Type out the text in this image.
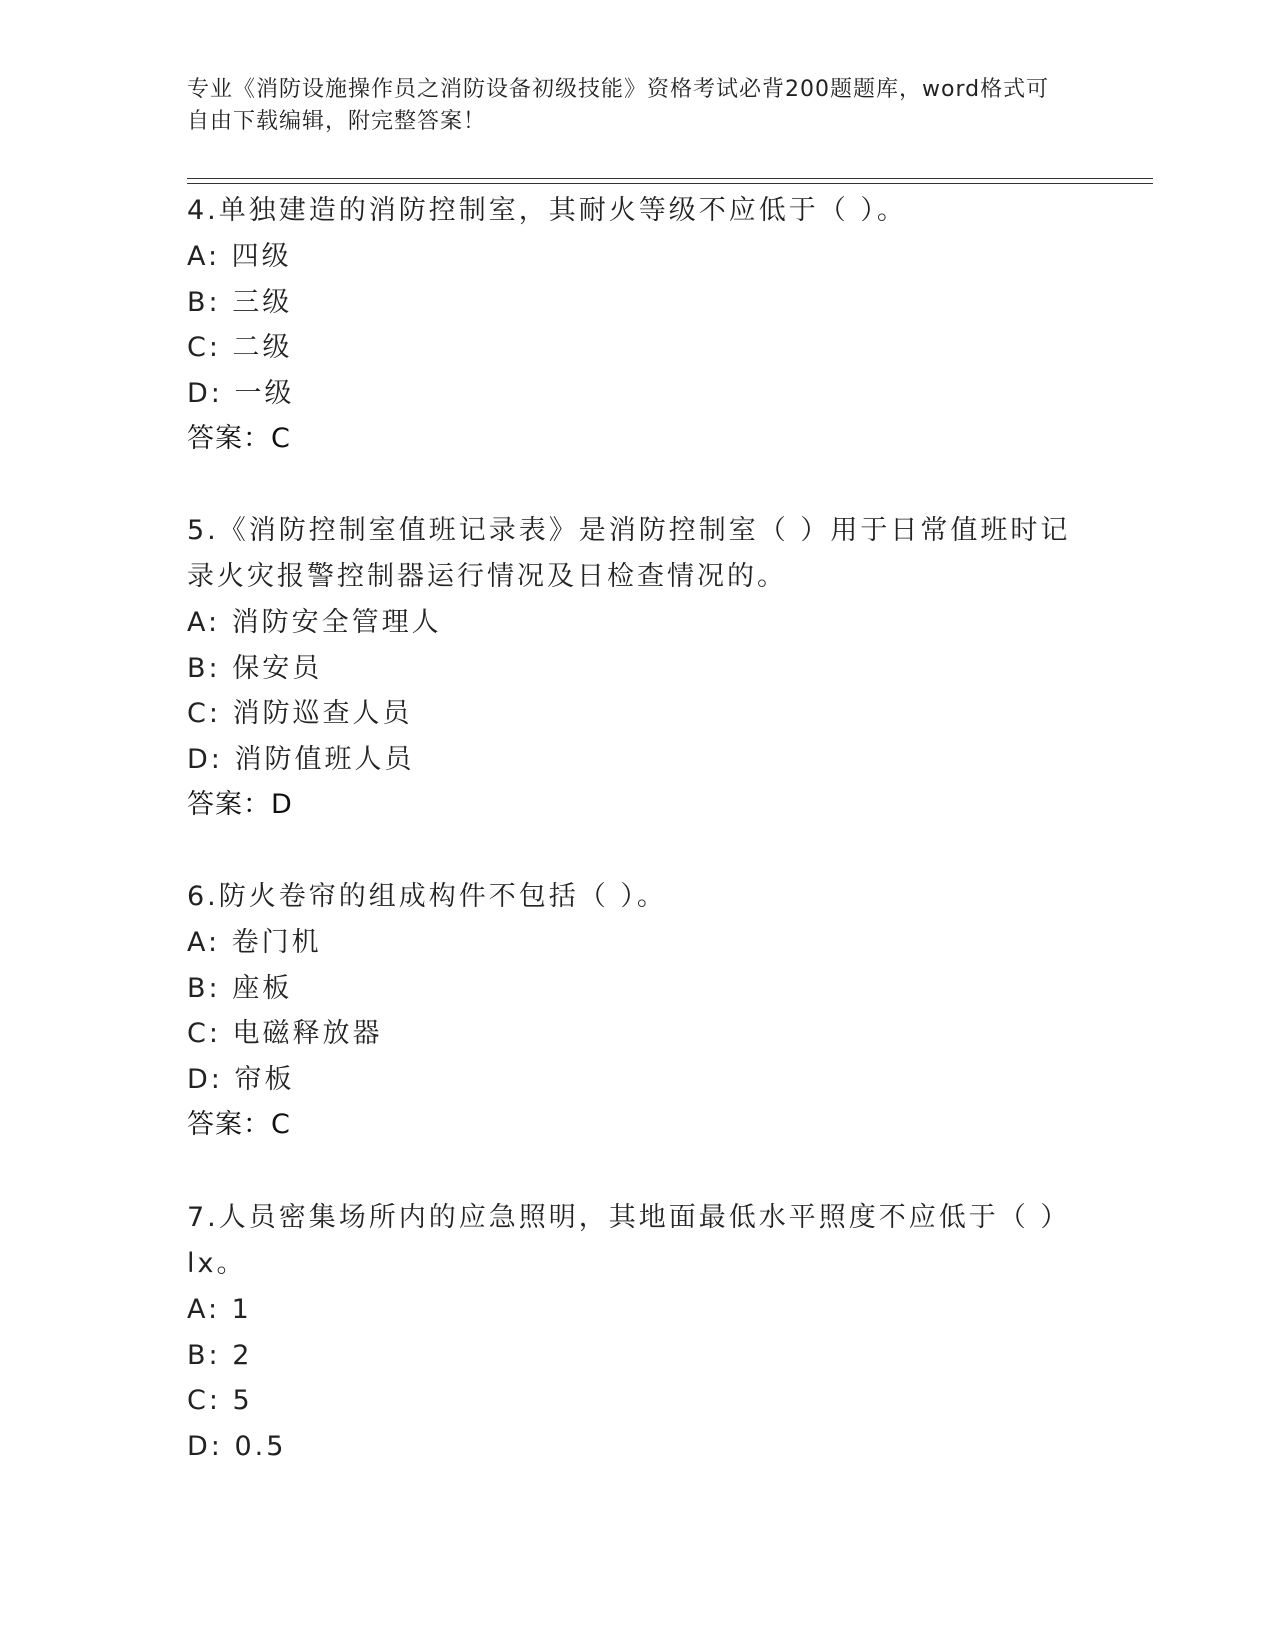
专业《消防设施操作员之消防设备初级技能》资格考试必背200题题库，word格式可自由下载编辑，附完整答案！

4.单独建造的消防控制室，其耐火等级不应低于（ ）。

A: 四级

B: 三级

C: 二级

D: 一级

答案：C

5.《消防控制室值班记录表》是消防控制室（ ）用于日常值班时记录火灾报警控制器运行情况及日检查情况的。

A: 消防安全管理人

B: 保安员

C: 消防巡查人员

D: 消防值班人员

答案：D

6.防火卷帘的组成构件不包括（ ）。

A: 卷门机

B: 座板

C: 电磁释放器

D: 帘板

答案：C

7.人员密集场所内的应急照明，其地面最低水平照度不应低于（ ）lx。

A: 1

B: 2

C: 5

D: 0.5
